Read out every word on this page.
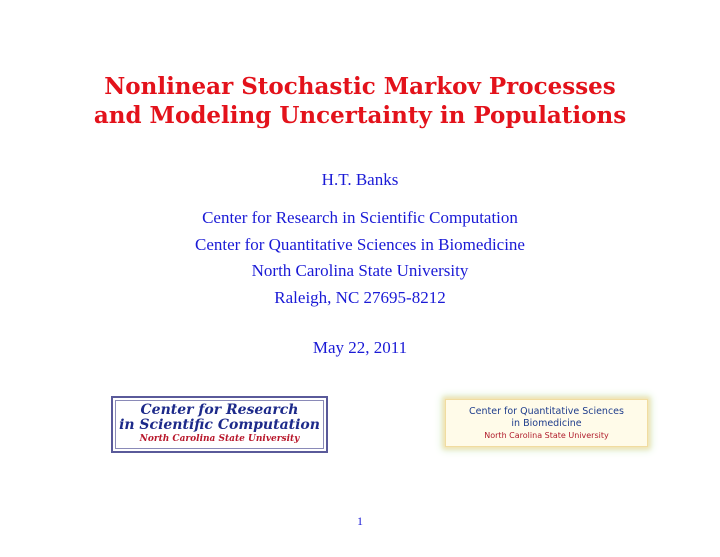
Nonlinear Stochastic Markov Processes
and Modeling Uncertainty in Populations
H.T. Banks
Center for Research in Scientific Computation
Center for Quantitative Sciences in Biomedicine
North Carolina State University
Raleigh, NC 27695-8212
May 22, 2011
Center for Research
in Scientific Computation
North Carolina State University
Center for Quantitative Sciences
in Biomedicine
North Carolina State University
1
